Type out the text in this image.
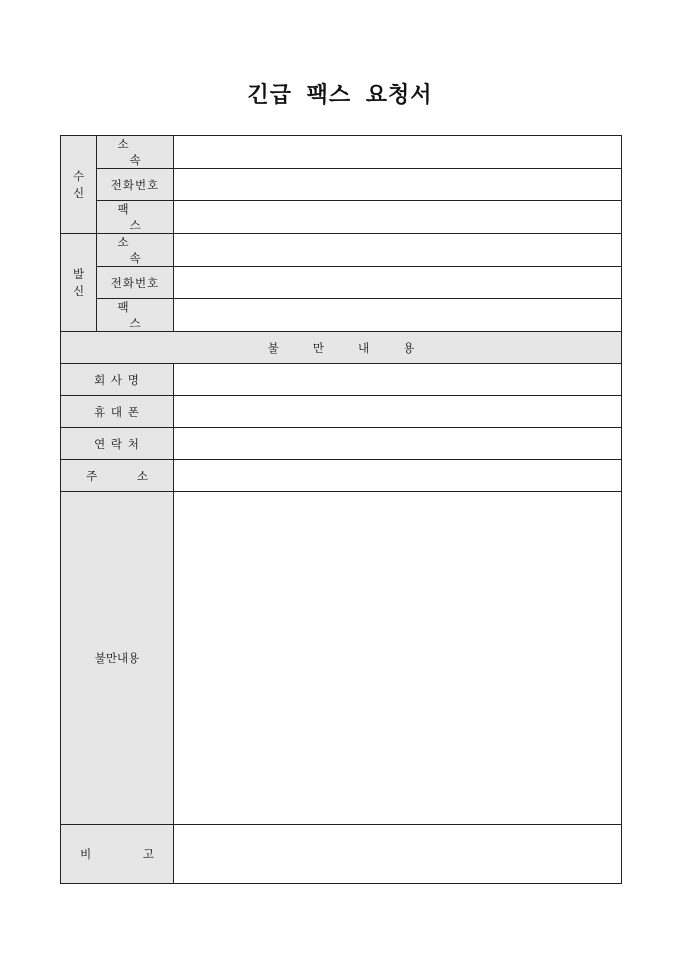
긴급 팩스 요청서
수신	소 속	
	전화번호	
	팩 스	
발신	소 속	
	전화번호	
	팩 스	
불만내용		
회 사 명		
휴 대 폰		
연 락 처		
주 소		
불만내용		
비 고		
